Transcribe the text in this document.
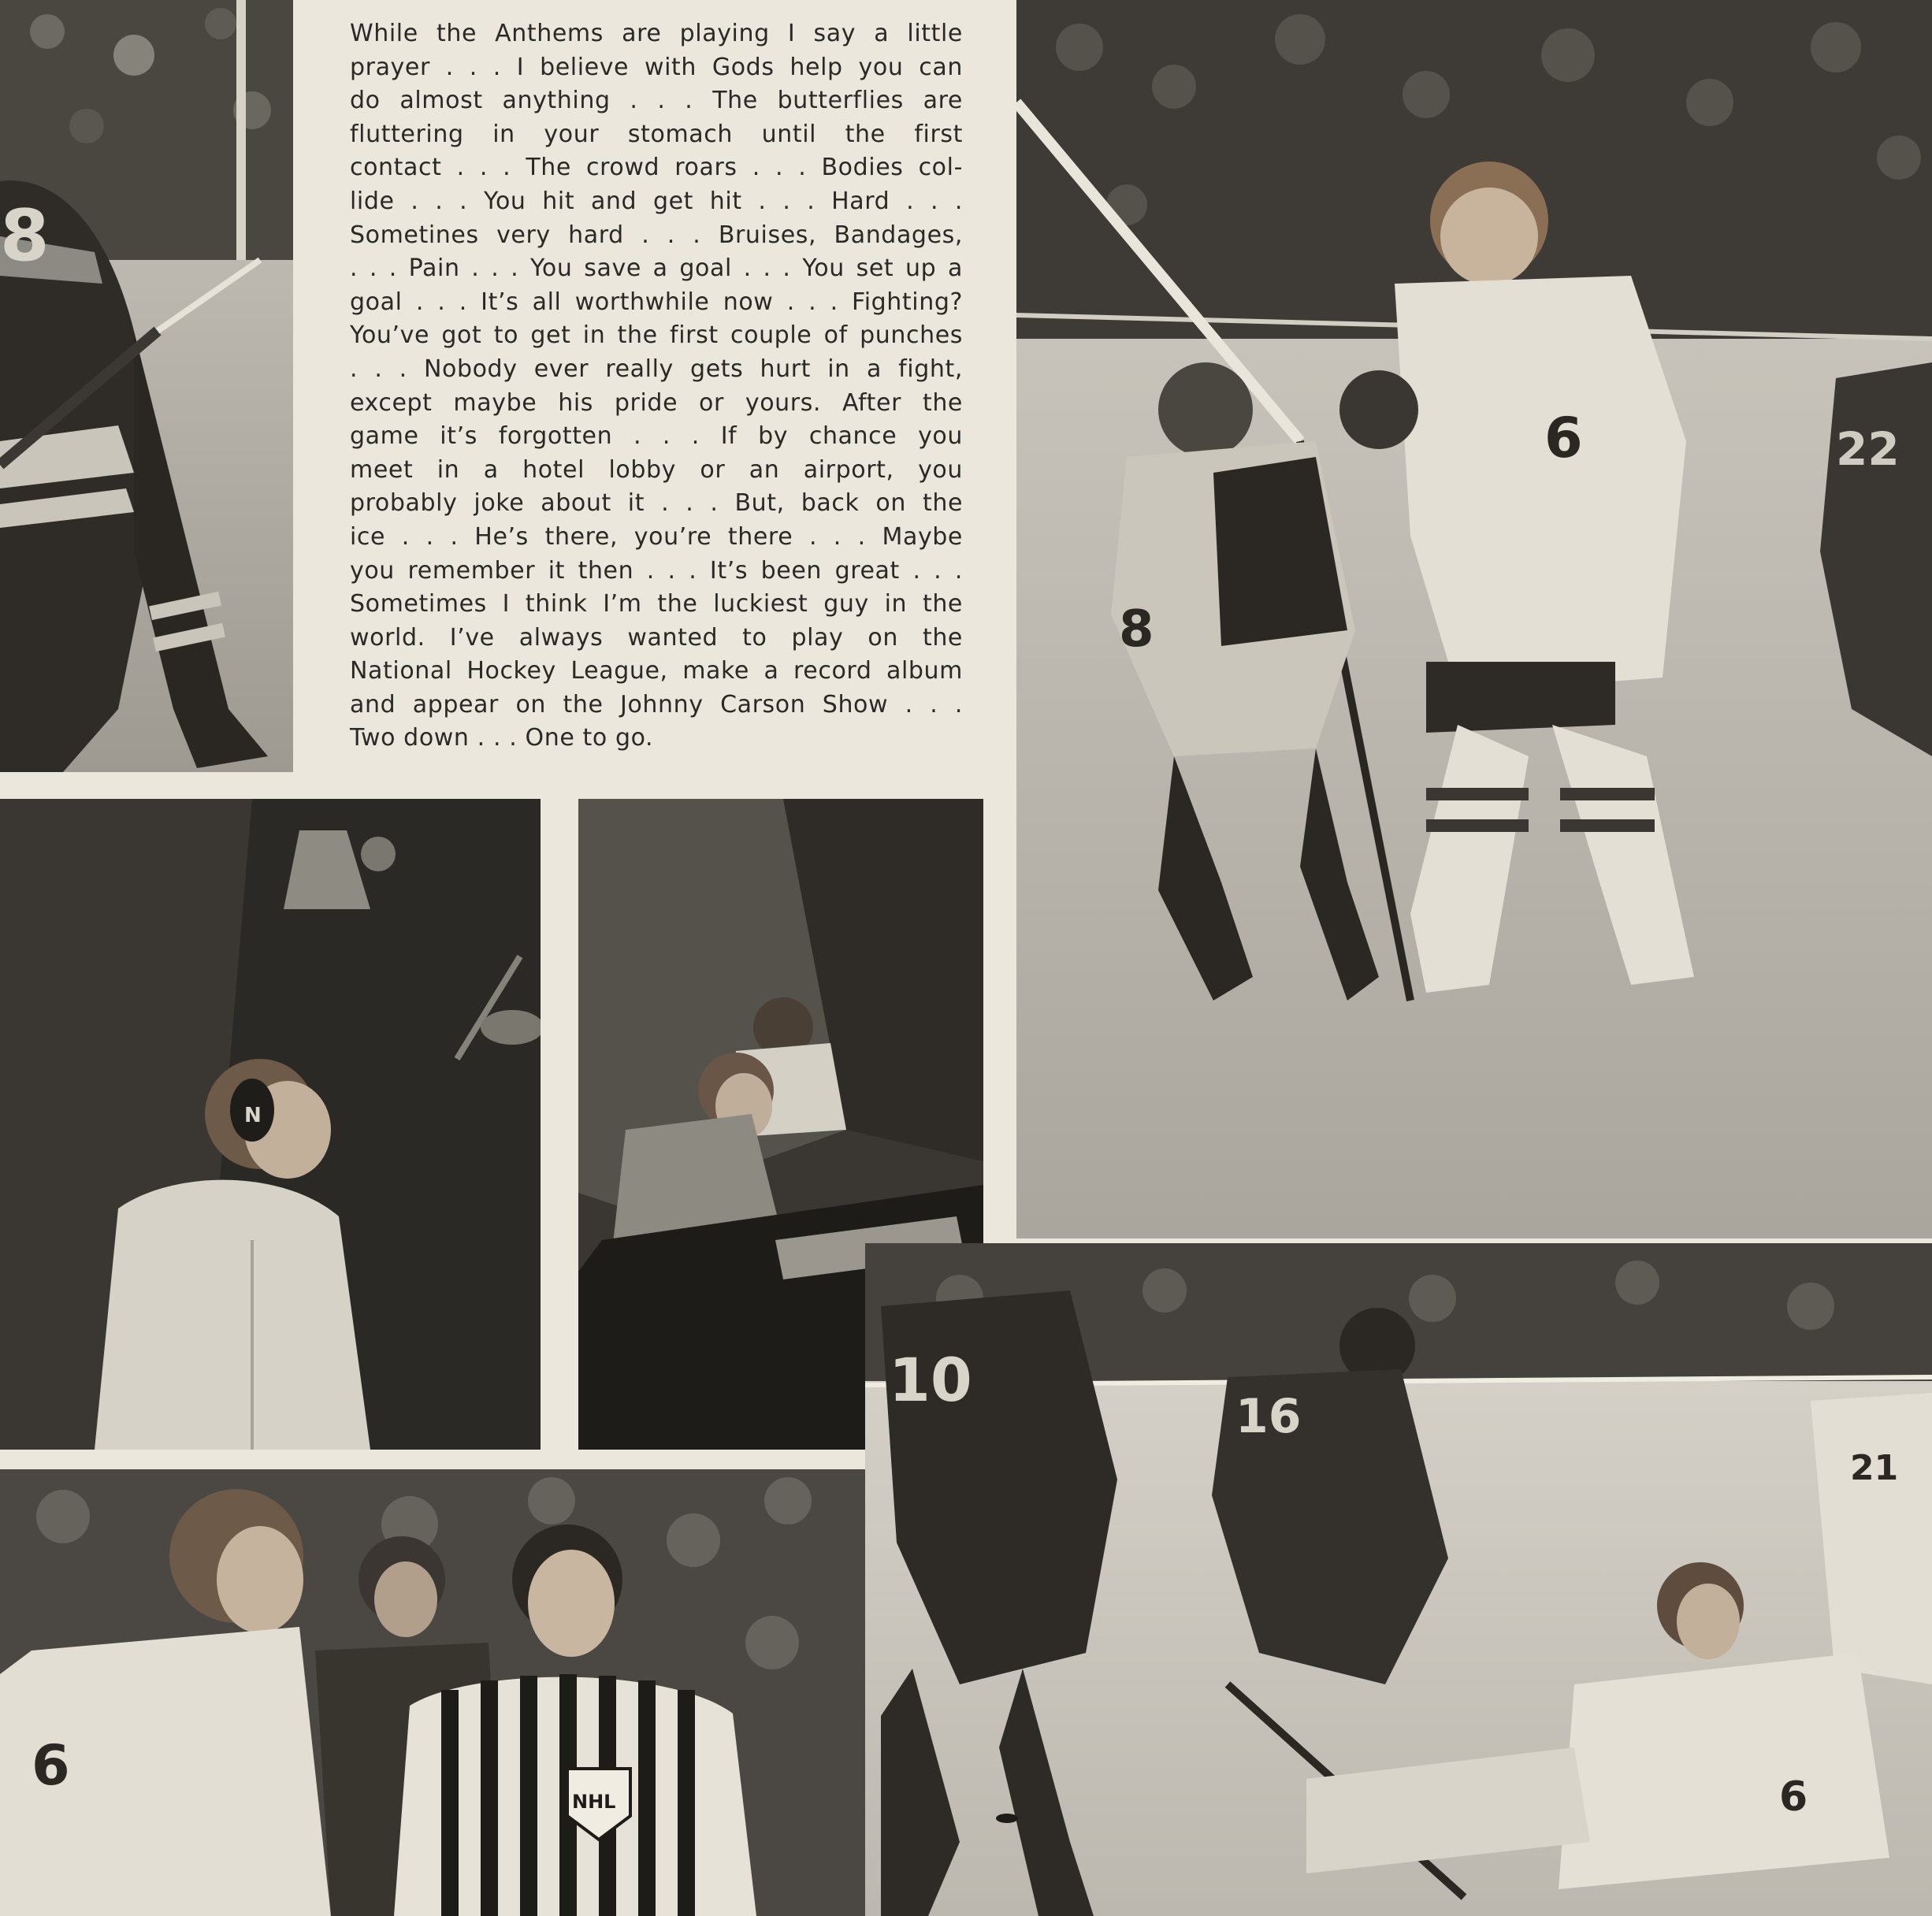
8

While the Anthems are playing I say a little
prayer . . . I believe with Gods help you can
do almost anything . . . The butterflies are
fluttering in your stomach until the first
contact . . . The crowd roars . . . Bodies col-
lide . . . You hit and get hit . . . Hard . . .
Sometines very hard . . . Bruises, Bandages,
. . . Pain . . . You save a goal . . . You set up a
goal . . . It’s all worthwhile now . . . Fighting?
You’ve got to get in the first couple of punches
. . . Nobody ever really gets hurt in a fight,
except maybe his pride or yours. After the
game it’s forgotten . . . If by chance you
meet in a hotel lobby or an airport, you
probably joke about it . . . But, back on the
ice . . . He’s there, you’re there . . . Maybe
you remember it then . . . It’s been great . . .
Sometimes I think I’m the luckiest guy in the
world. I’ve always wanted to play on the
National Hockey League, make a record album
and appear on the Johnny Carson Show . . .
Two down . . . One to go.

8
6	22
N
6
NHL
10
16
21
6
